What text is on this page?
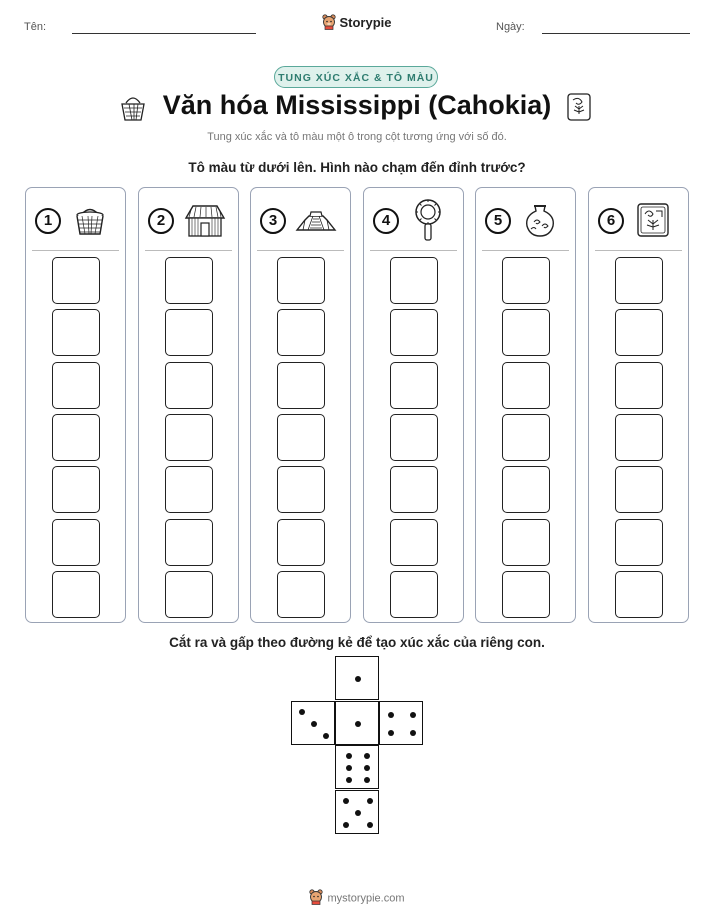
Tên:	Ngày:
Storypie
TUNG XÚC XẮC & TÔ MÀU
Văn hóa Mississippi (Cahokia)
Tung xúc xắc và tô màu một ô trong cột tương ứng với số đó.
Tô màu từ dưới lên. Hình nào chạm đến đỉnh trước?
1	2	3	4	5	6
Cắt ra và gấp theo đường kẻ để tạo xúc xắc của riêng con.
mystorypie.com
